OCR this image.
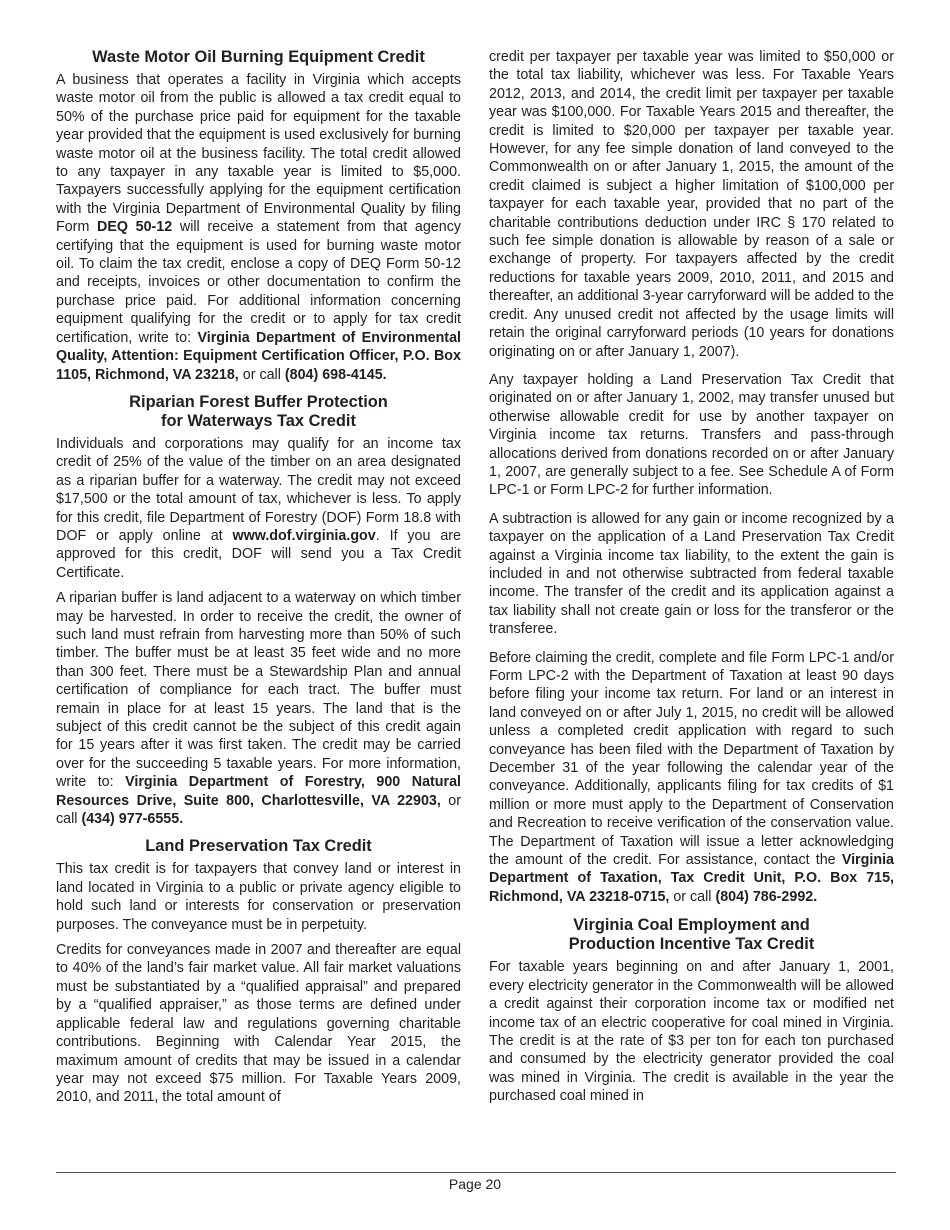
Waste Motor Oil Burning Equipment Credit

A business that operates a facility in Virginia which accepts waste motor oil from the public is allowed a tax credit equal to 50% of the purchase price paid for equipment for the taxable year provided that the equipment is used exclusively for burning waste motor oil at the business facility. The total credit allowed to any taxpayer in any taxable year is limited to $5,000. Taxpayers successfully applying for the equipment certification with the Virginia Department of Environmental Quality by filing Form DEQ 50-12 will receive a statement from that agency certifying that the equipment is used for burning waste motor oil. To claim the tax credit, enclose a copy of DEQ Form 50-12 and receipts, invoices or other documentation to confirm the purchase price paid. For additional information concerning equipment qualifying for the credit or to apply for tax credit certification, write to: Virginia Department of Environmental Quality, Attention: Equipment Certification Officer, P.O. Box 1105, Richmond, VA 23218, or call (804) 698-4145.

Riparian Forest Buffer Protection
for Waterways Tax Credit

Individuals and corporations may qualify for an income tax credit of 25% of the value of the timber on an area designated as a riparian buffer for a waterway. The credit may not exceed $17,500 or the total amount of tax, whichever is less. To apply for this credit, file Department of Forestry (DOF) Form 18.8 with DOF or apply online at www.dof.virginia.gov. If you are approved for this credit, DOF will send you a Tax Credit Certificate.

A riparian buffer is land adjacent to a waterway on which timber may be harvested. In order to receive the credit, the owner of such land must refrain from harvesting more than 50% of such timber. The buffer must be at least 35 feet wide and no more than 300 feet. There must be a Stewardship Plan and annual certification of compliance for each tract. The buffer must remain in place for at least 15 years. The land that is the subject of this credit cannot be the subject of this credit again for 15 years after it was first taken. The credit may be carried over for the succeeding 5 taxable years. For more information, write to: Virginia Department of Forestry, 900 Natural Resources Drive, Suite 800, Charlottesville, VA 22903, or call (434) 977-6555.

Land Preservation Tax Credit

This tax credit is for taxpayers that convey land or interest in land located in Virginia to a public or private agency eligible to hold such land or interests for conservation or preservation purposes. The conveyance must be in perpetuity.

Credits for conveyances made in 2007 and thereafter are equal to 40% of the land’s fair market value. All fair market valuations must be substantiated by a “qualified appraisal” and prepared by a “qualified appraiser,” as those terms are defined under applicable federal law and regulations governing charitable contributions. Beginning with Calendar Year 2015, the maximum amount of credits that may be issued in a calendar year may not exceed $75 million. For Taxable Years 2009, 2010, and 2011, the total amount of

credit per taxpayer per taxable year was limited to $50,000 or the total tax liability, whichever was less. For Taxable Years 2012, 2013, and 2014, the credit limit per taxpayer per taxable year was $100,000. For Taxable Years 2015 and thereafter, the credit is limited to $20,000 per taxpayer per taxable year. However, for any fee simple donation of land conveyed to the Commonwealth on or after January 1, 2015, the amount of the credit claimed is subject a higher limitation of $100,000 per taxpayer for each taxable year, provided that no part of the charitable contributions deduction under IRC § 170 related to such fee simple donation is allowable by reason of a sale or exchange of property. For taxpayers affected by the credit reductions for taxable years 2009, 2010, 2011, and 2015 and thereafter, an additional 3-year carryforward will be added to the credit. Any unused credit not affected by the usage limits will retain the original carryforward periods (10 years for donations originating on or after January 1, 2007).

Any taxpayer holding a Land Preservation Tax Credit that originated on or after January 1, 2002, may transfer unused but otherwise allowable credit for use by another taxpayer on Virginia income tax returns. Transfers and pass-through allocations derived from donations recorded on or after January 1, 2007, are generally subject to a fee. See Schedule A of Form LPC-1 or Form LPC-2 for further information.

A subtraction is allowed for any gain or income recognized by a taxpayer on the application of a Land Preservation Tax Credit against a Virginia income tax liability, to the extent the gain is included in and not otherwise subtracted from federal taxable income. The transfer of the credit and its application against a tax liability shall not create gain or loss for the transferor or the transferee.

Before claiming the credit, complete and file Form LPC-1 and/or Form LPC-2 with the Department of Taxation at least 90 days before filing your income tax return. For land or an interest in land conveyed on or after July 1, 2015, no credit will be allowed unless a completed credit application with regard to such conveyance has been filed with the Department of Taxation by December 31 of the year following the calendar year of the conveyance. Additionally, applicants filing for tax credits of $1 million or more must apply to the Department of Conservation and Recreation to receive verification of the conservation value. The Department of Taxation will issue a letter acknowledging the amount of the credit. For assistance, contact the Virginia Department of Taxation, Tax Credit Unit, P.O. Box 715, Richmond, VA 23218-0715, or call (804) 786-2992.

Virginia Coal Employment and
Production Incentive Tax Credit

For taxable years beginning on and after January 1, 2001, every electricity generator in the Commonwealth will be allowed a credit against their corporation income tax or modified net income tax of an electric cooperative for coal mined in Virginia. The credit is at the rate of $3 per ton for each ton purchased and consumed by the electricity generator provided the coal was mined in Virginia. The credit is available in the year the purchased coal mined in

Page 20
